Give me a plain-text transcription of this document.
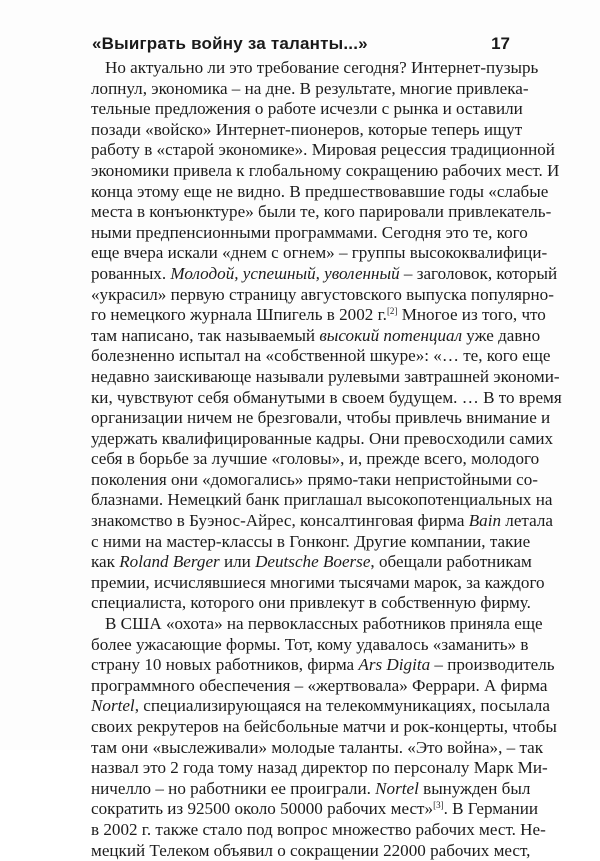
«Выиграть войну за таланты...»	17
Но актуально ли это требование сегодня? Интернет-пузырь
лопнул, экономика – на дне. В результате, многие привлека-
тельные предложения о работе исчезли с рынка и оставили
позади «войско» Интернет-пионеров, которые теперь ищут
работу в «старой экономике». Мировая рецессия традиционной
экономики привела к глобальному сокращению рабочих мест. И
конца этому еще не видно. В предшествовавшие годы «слабые
места в конъюнктуре» были те, кого парировали привлекатель-
ными предпенсионными программами. Сегодня это те, кого
еще вчера искали «днем с огнем» – группы высококвалифици-
рованных. Молодой, успешный, уволенный – заголовок, который
«украсил» первую страницу августовского выпуска популярно-
го немецкого журнала Шпигель в 2002 г.[2] Многое из того, что
там написано, так называемый высокий потенциал уже давно
болезненно испытал на «собственной шкуре»: «… те, кого еще
недавно заискивающе называли рулевыми завтрашней экономи-
ки, чувствуют себя обманутыми в своем будущем. … В то время
организации ничем не брезговали, чтобы привлечь внимание и
удержать квалифицированные кадры. Они превосходили самих
себя в борьбе за лучшие «головы», и, прежде всего, молодого
поколения они «домогались» прямо-таки непристойными со-
блазнами. Немецкий банк приглашал высокопотенциальных на
знакомство в Буэнос-Айрес, консалтинговая фирма Bain летала
с ними на мастер-классы в Гонконг. Другие компании, такие
как Roland Berger или Deutsche Boerse, обещали работникам
премии, исчислявшиеся многими тысячами марок, за каждого
специалиста, которого они привлекут в собственную фирму.
В США «охота» на первоклассных работников приняла еще
более ужасающие формы. Тот, кому удавалось «заманить» в
страну 10 новых работников, фирма Ars Digita – производитель
программного обеспечения – «жертвовала» Феррари. А фирма
Nortel, специализирующаяся на телекоммуникациях, посылала
своих рекрутеров на бейсбольные матчи и рок-концерты, чтобы
там они «выслеживали» молодые таланты. «Это война», – так
назвал это 2 года тому назад директор по персоналу Марк Ми-
ничелло – но работники ее проиграли. Nortel вынужден был
сократить из 92500 около 50000 рабочих мест»[3]. В Германии
в 2002 г. также стало под вопрос множество рабочих мест. Не-
мецкий Телеком объявил о сокращении 22000 рабочих мест,
